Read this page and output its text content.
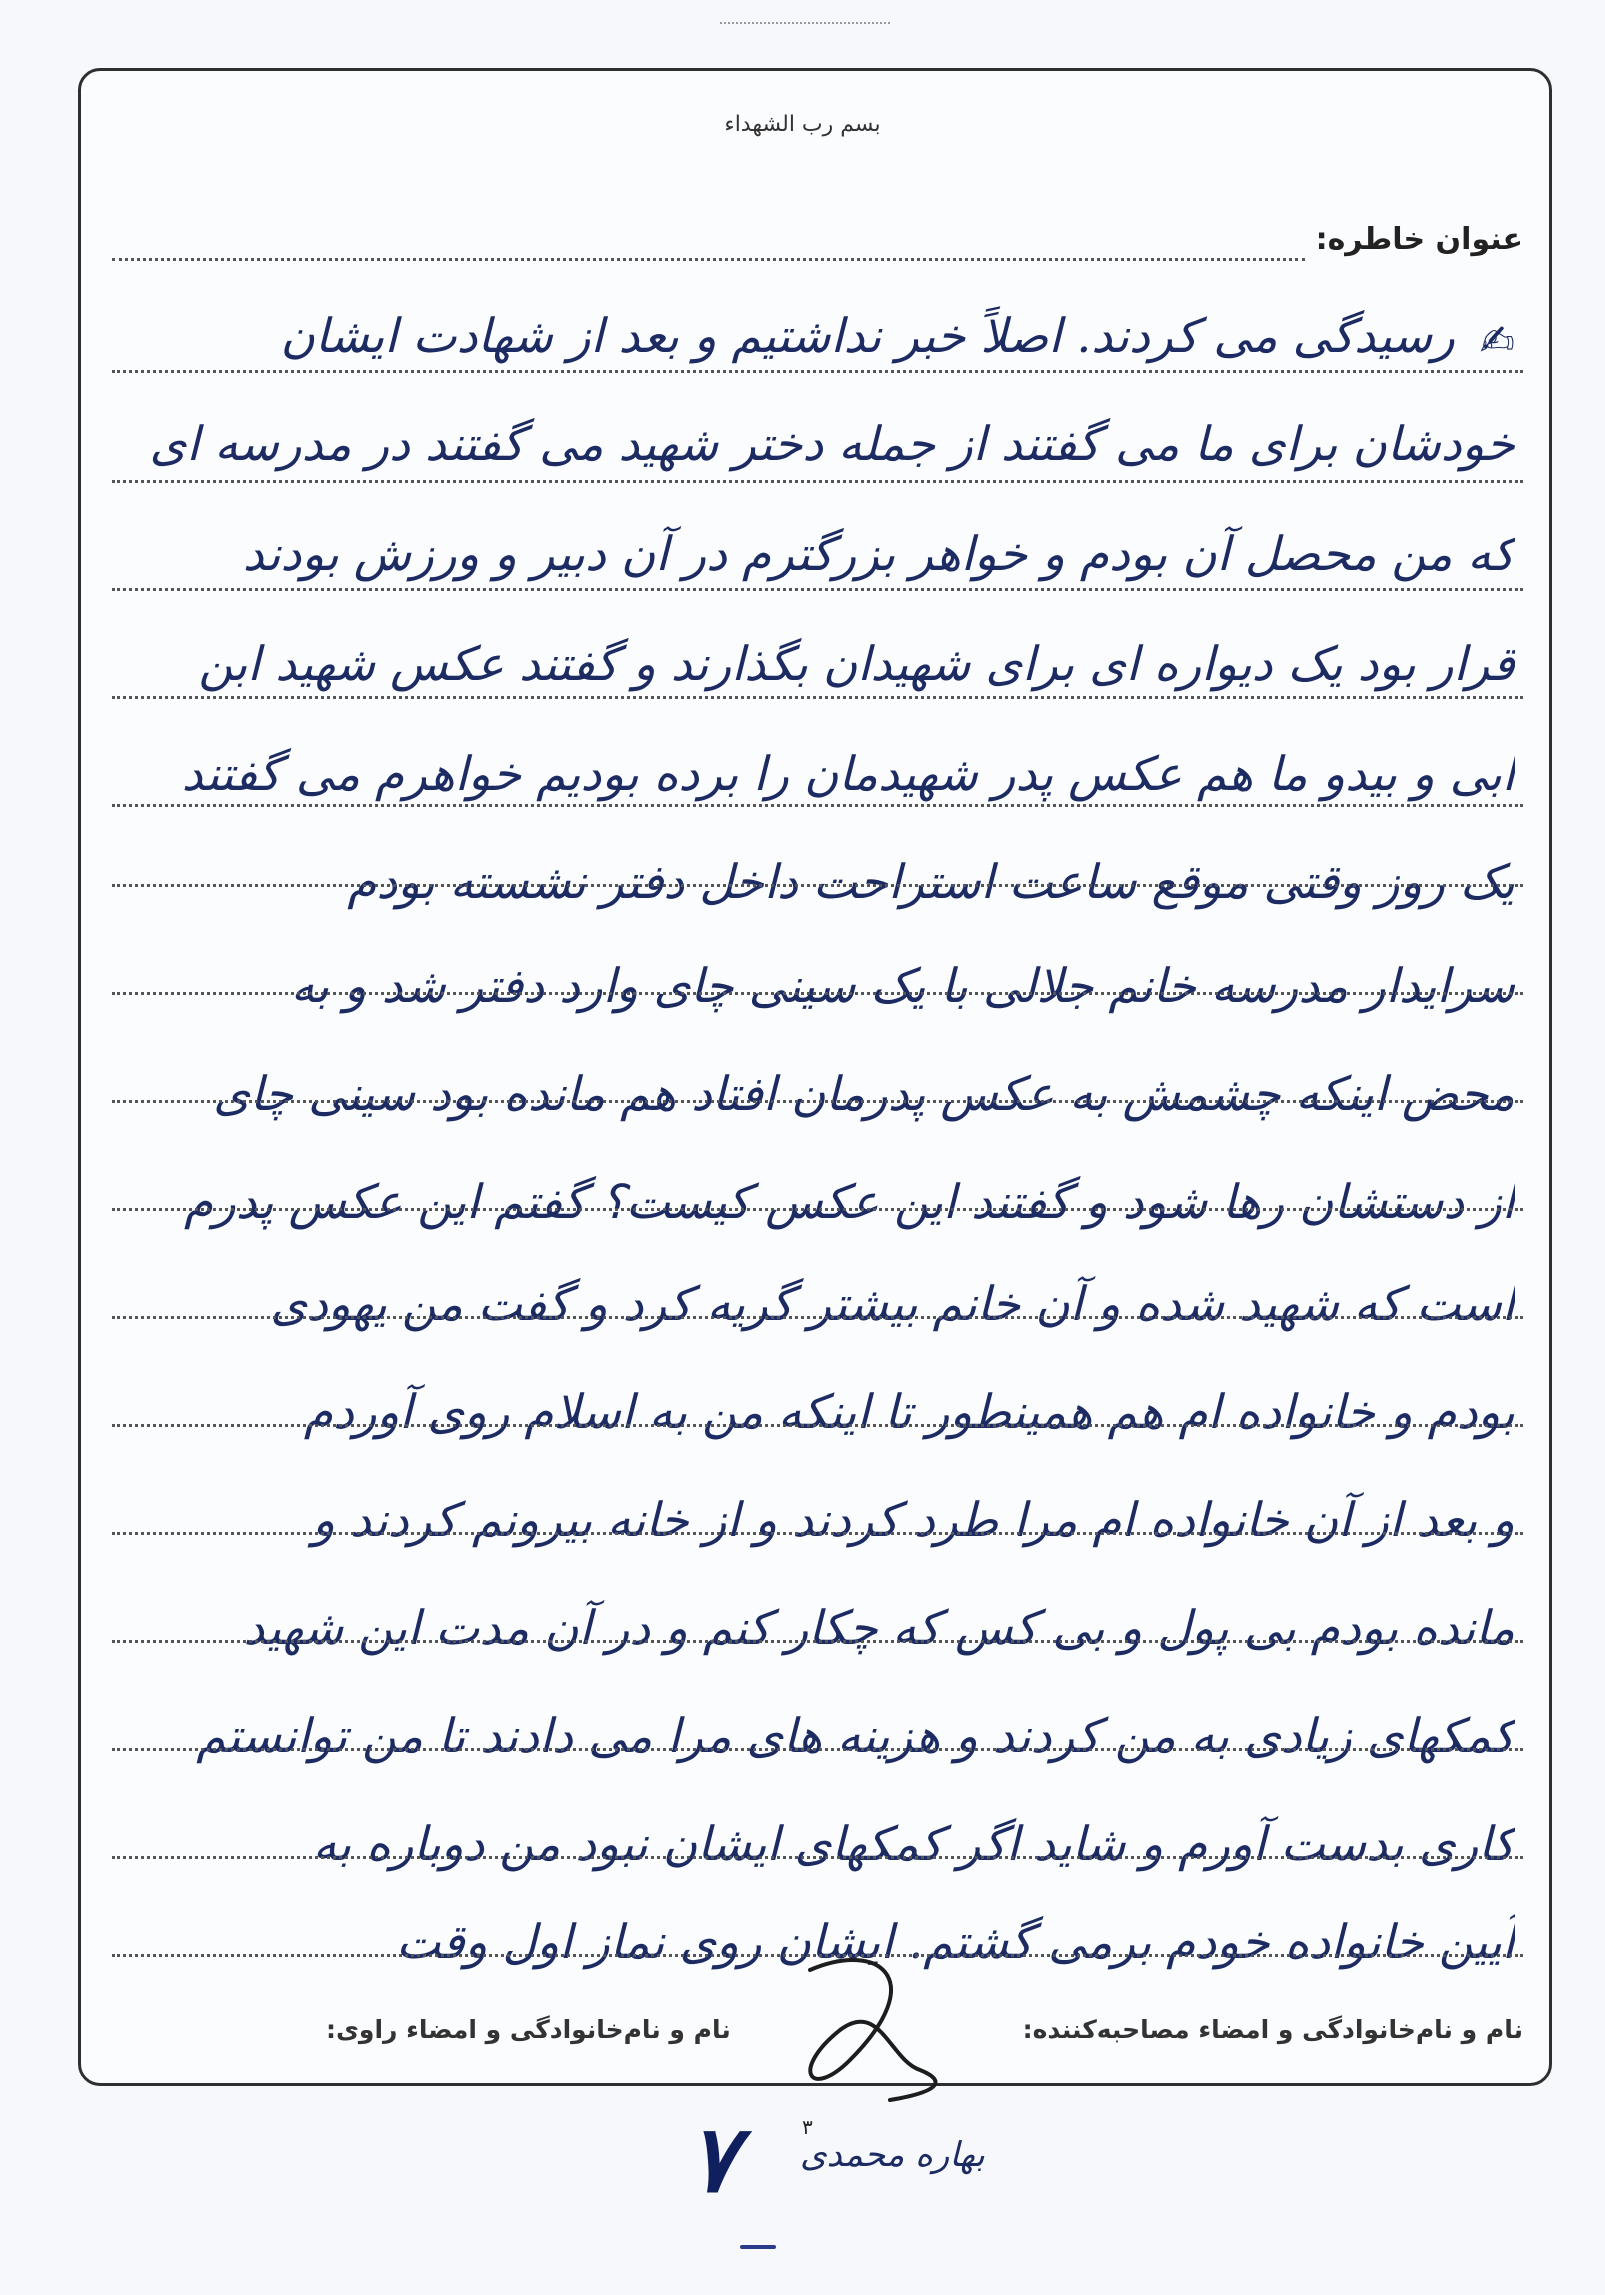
بسم رب الشهداء
عنوان خاطره:
✍
رسیدگی می کردند. اصلاً خبر نداشتیم و بعد از شهادت ایشان
خودشان برای ما می گفتند از جمله دختر شهید می گفتند در مدرسه ای
که من محصل آن بودم و خواهر بزرگترم در آن دبیر و ورزش بودند
قرار بود یک دیواره ای برای شهیدان بگذارند و گفتند عکس شهید ابن
ابی و بیدو ما هم عکس پدر شهیدمان را برده بودیم خواهرم می گفتند
یک روز وقتی موقع ساعت استراحت داخل دفتر نشسته بودم
سرایدار مدرسه خانم جلالی با یک سینی چای وارد دفتر شد و به
محض اینکه چشمش به عکس پدرمان افتاد هم مانده بود سینی چای
از دستشان رها شود و گفتند این عکس کیست؟ گفتم این عکس پدرم
است که شهید شده و آن خانم بیشتر گریه کرد و گفت من یهودی
بودم و خانواده ام هم همینطور تا اینکه من به اسلام روی آوردم
و بعد از آن خانواده ام مرا طرد کردند و از خانه بیرونم کردند و
مانده بودم بی پول و بی کس که چکار کنم و در آن مدت این شهید
کمکهای زیادی به من کردند و هزینه های مرا می دادند تا من توانستم
کاری بدست آورم و شاید اگر کمکهای ایشان نبود من دوباره به
آیین خانواده خودم برمی گشتم. ایشان روی نماز اول وقت
نام و نام‌خانوادگی و امضاء مصاحبه‌کننده:
نام و نام‌خانوادگی و امضاء راوی:
۳
۷ بهاره محمدی
